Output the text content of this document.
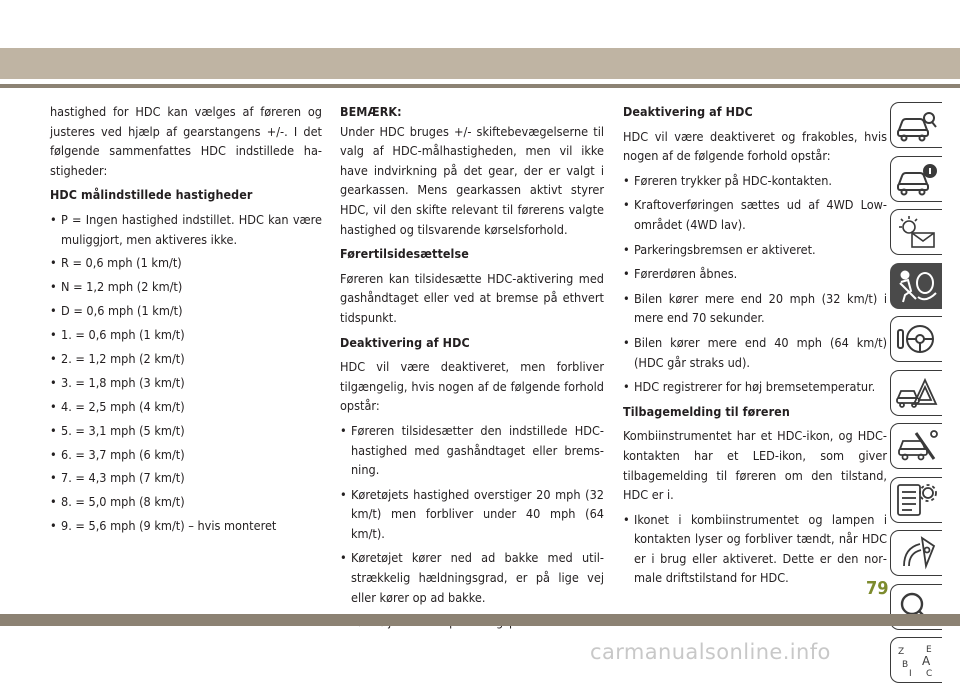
hastighed for HDC kan vælges af føreren og justeres ved hjælp af gearstangens +/-. I det følgende sammenfattes HDC indstillede hastigheder:

HDC målindstillede hastigheder
• P = Ingen hastighed indstillet. HDC kan være muliggjort, men aktiveres ikke.
• R = 0,6 mph (1 km/t)
• N = 1,2 mph (2 km/t)
• D = 0,6 mph (1 km/t)
• 1. = 0,6 mph (1 km/t)
• 2. = 1,2 mph (2 km/t)
• 3. = 1,8 mph (3 km/t)
• 4. = 2,5 mph (4 km/t)
• 5. = 3,1 mph (5 km/t)
• 6. = 3,7 mph (6 km/t)
• 7. = 4,3 mph (7 km/t)
• 8. = 5,0 mph (8 km/t)
• 9. = 5,6 mph (9 km/t) – hvis monteret
BEMÆRK:

Under HDC bruges +/- skiftebevægelserne til valg af HDC-målhastigheden, men vil ikke have indvirkning på det gear, der er valgt i gearkassen. Mens gearkassen aktivt styrer HDC, vil den skifte relevant til førerens valgte hastighed og tilsvarende kørselsforhold.

Førertilsidesættelse

Føreren kan tilsidesætte HDC-aktivering med gashåndtaget eller ved at bremse på ethvert tidspunkt.

Deaktivering af HDC

HDC vil være deaktiveret, men forbliver tilgængelig, hvis nogen af de følgende forhold opstår:

• Føreren tilsidesætter den indstillede HDC-hastighed med gashåndtaget eller bremsning.
• Køretøjets hastighed overstiger 20 mph (32 km/t) men forbliver under 40 mph (64 km/t).
• Køretøjet kører ned ad bakke med utilstrækkelig hældningsgrad, er på lige vej eller kører op ad bakke.
•
Deaktivering af HDC

HDC vil være deaktiveret og frakobles, hvis nogen af de følgende forhold opstår:

• Føreren trykker på HDC-kontakten.
• Kraftoverføringen sættes ud af 4WD Low-området (4WD lav).
• Parkeringsbremsen er aktiveret.
• Førerdøren åbnes.
• Bilen kører mere end 20 mph (32 km/t) i mere end 70 sekunder.
• Bilen kører mere end 40 mph (64 km/t) (HDC går straks ud).
• HDC registrerer for høj bremsetemperatur.
Tilbagemelding til føreren

Kombiinstrumentet har et HDC-ikon, og HDC-kontakten har et LED-ikon, som giver tilbagemelding til føreren om den tilstand, HDC er i.

• Ikonet i kombiinstrumentet og lampen i kontakten lyser og forbliver tændt, når HDC er i brug eller aktiveret. Dette er den normale driftstilstand for HDC.
Z E
B A
I C
79
carmanualsonline.info
